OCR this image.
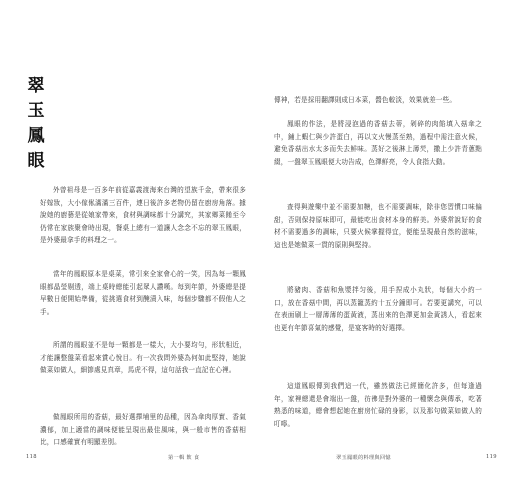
翠
玉
鳳
眼

外曾祖母是一百多年前從嘉義渡海來台灣的望族千金，帶來很多好嫁妝，大小傢俬滿滿三百件，連日後許多老物仍留在廚房角落。據說她的廚藝是從娘家帶來，食材與調味都十分講究，其家鄉菜餚至今仍常在家族聚會時出現，餐桌上總有一道讓人念念不忘的翠玉鳳眼，是外婆最拿手的料理之一。

當年的鳳眼原本是桌菜，常引來全家會心的一笑，因為每一顆鳳眼都晶瑩剔透，端上桌時總能引起眾人讚嘆。每到年節，外婆總是提早數日便開始準備，從挑選食材到醃漬入味，每個步驟都不假他人之手。

所謂的鳳眼並不是每一顆都是一樣大，大小要均勻，形狀相近，才能讓整盤菜看起來賞心悅目。有一次我問外婆為何如此堅持，她說做菜如做人，細節處見真章，馬虎不得，這句話我一直記在心裡。

做鳳眼所用的香菇，最好選擇埔里的品種，因為傘肉厚實、香氣濃郁，加上適當的調味便能呈現出最佳風味，與一般市售的香菇相比，口感確實有明顯差別。

118	第一輯 飲 食

傳神，若是採用翻譯則成日本菜，醬色較淡，效果就差一些。

鳳眼的作法，是將浸泡過的香菇去蒂，剁碎的肉餡填入菇傘之中，鋪上蝦仁與少許蛋白，再以文火慢蒸至熟，過程中需注意火候，避免香菇出水太多而失去鮮味。蒸好之後淋上薄芡，撒上少許青蔥點綴，一盤翠玉鳳眼便大功告成，色澤鮮亮，令人食指大動。

查得與遊樂中並不需要加糖，也不需要調味，除非您習慣口味偏甜，否則保持原味即可，最能吃出食材本身的鮮美。外婆常說好的食材不需要過多的調味，只要火候掌握得宜，便能呈現最自然的滋味，這也是她做菜一貫的原則與堅持。

將豬肉、香菇和魚漿拌匀後，用手捏成小丸狀，每個大小約一口，放在香菇中間，再以蒸籠蒸約十五分鐘即可。若要更講究，可以在表面刷上一層薄薄的蛋黃液，蒸出來的色澤更加金黃誘人，看起來也更有年節喜氣的感覺，是宴客時的好選擇。

這道鳳眼傳到我們這一代，雖然做法已經簡化許多，但每逢過年，家裡總還是會端出一盤，彷彿是對外婆的一種懷念與傳承，吃著熟悉的味道，總會想起她在廚房忙碌的身影，以及那句做菜如做人的叮嚀。

翠玉鳳眼的料理與回憶	119
